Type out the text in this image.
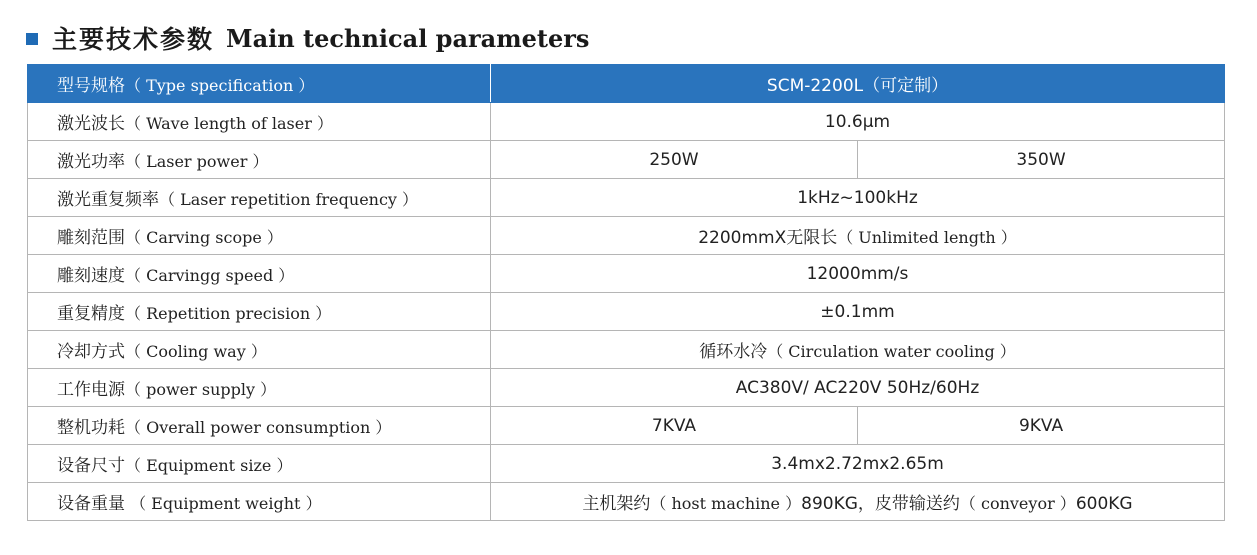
主要技术参数 Main technical parameters
型号规格（ Type specification ）	SCM-2200L（可定制）	
激光波长（ Wave length of laser ）	10.6μm	
激光功率（ Laser power ）	250W	350W
激光重复频率（ Laser repetition frequency ）	1kHz~100kHz	
雕刻范围（ Carving scope ）	2200mmX无限长（ Unlimited length ）	
雕刻速度（ Carvingg speed ）	12000mm/s	
重复精度（ Repetition precision ）	±0.1mm	
冷却方式（ Cooling way ）	循环水冷（ Circulation water cooling ）	
工作电源（ power supply ）	AC380V/ AC220V 50Hz/60Hz	
整机功耗（ Overall power consumption ）	7KVA	9KVA
设备尺寸（ Equipment size ）	3.4mx2.72mx2.65m	
设备重量 （ Equipment weight ）	主机架约（ host machine ）890KG，皮带输送约（ conveyor ）600KG	
